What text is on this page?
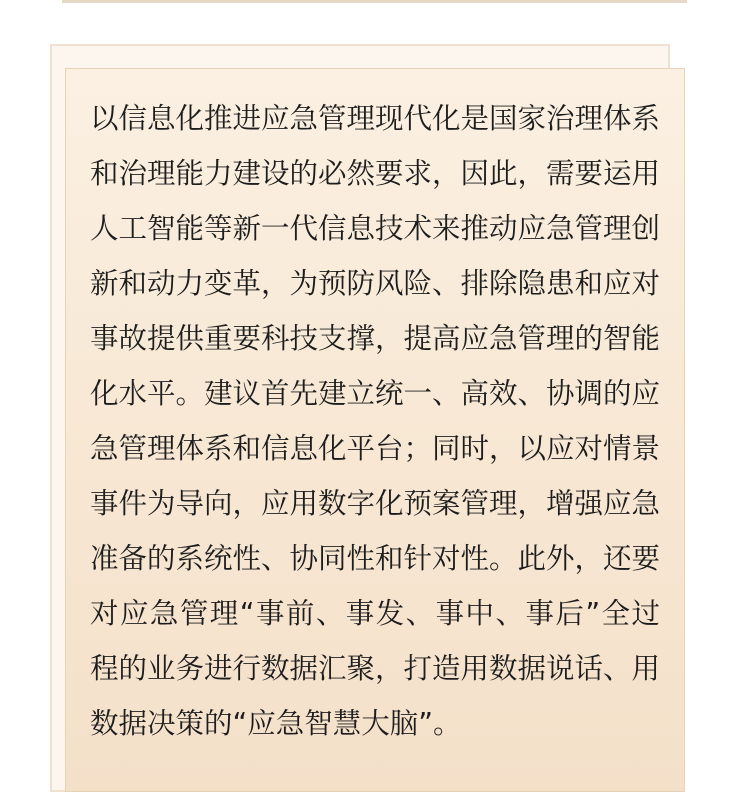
以信息化推进应急管理现代化是国家治理体系和治理能力建设的必然要求，因此，需要运用人工智能等新一代信息技术来推动应急管理创新和动力变革，为预防风险、排除隐患和应对事故提供重要科技支撑，提高应急管理的智能化水平。建议首先建立统一、高效、协调的应急管理体系和信息化平台；同时，以应对情景事件为导向，应用数字化预案管理，增强应急准备的系统性、协同性和针对性。此外，还要对应急管理“事前、事发、事中、事后”全过程的业务进行数据汇聚，打造用数据说话、用数据决策的“应急智慧大脑”。
